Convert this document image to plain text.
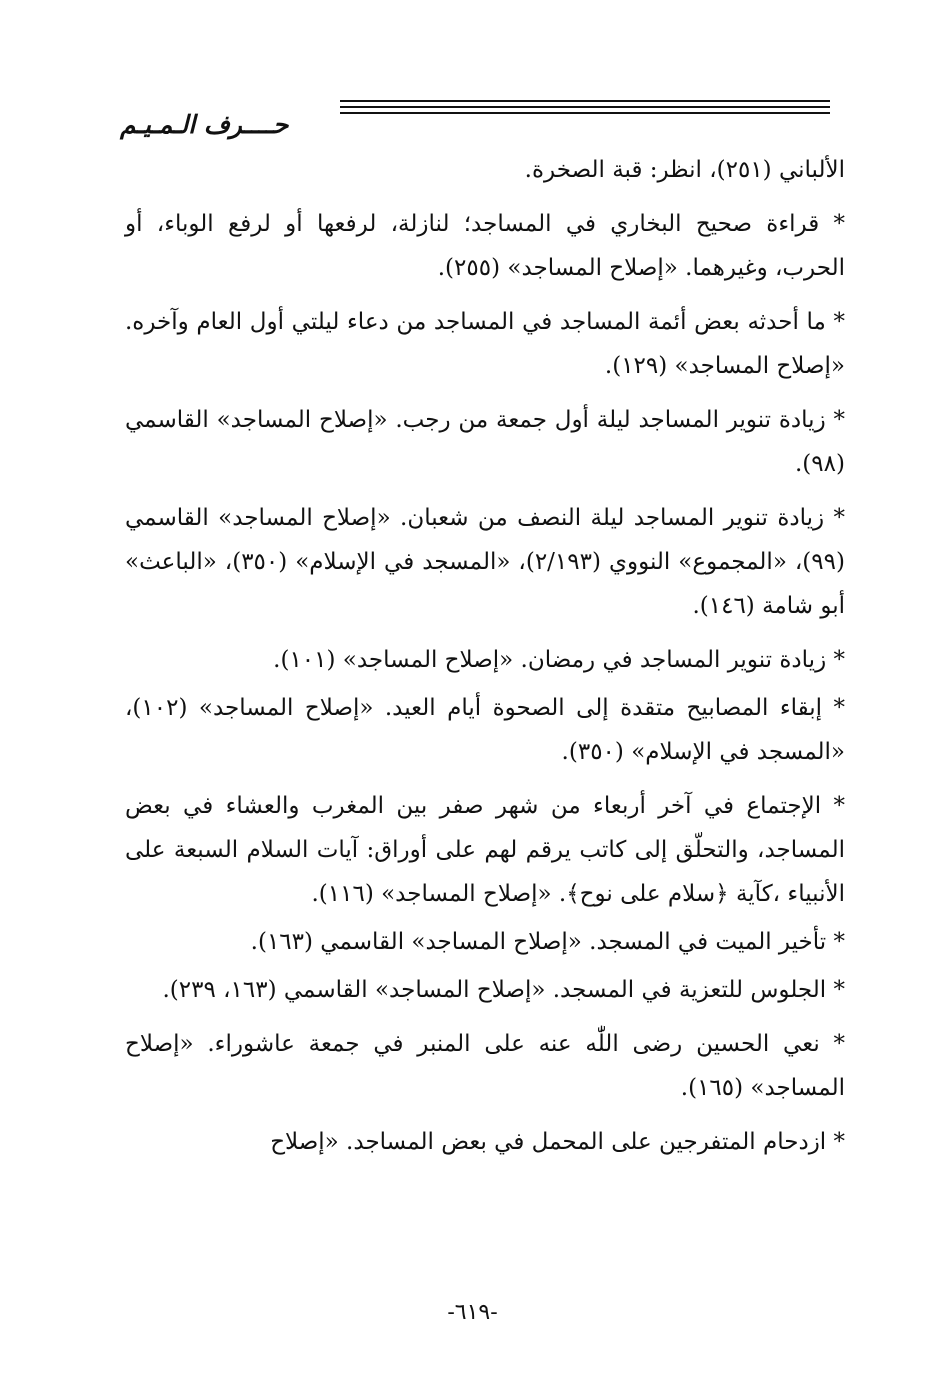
حــــرف الـمـيـم

الألباني (٢٥١)، انظر: قبة الصخرة.

* قراءة صحيح البخاري في المساجد؛ لنازلة، لرفعها أو لرفع الوباء، أو الحرب، وغيرهما. «إصلاح المساجد» (٢٥٥).

* ما أحدثه بعض أئمة المساجد في المساجد من دعاء ليلتي أول العام وآخره. «إصلاح المساجد» (١٢٩).

* زيادة تنوير المساجد ليلة أول جمعة من رجب. «إصلاح المساجد» القاسمي (٩٨).

* زيادة تنوير المساجد ليلة النصف من شعبان. «إصلاح المساجد» القاسمي (٩٩)، «المجموع» النووي (٢/١٩٣)، «المسجد في الإسلام» (٣٥٠)، «الباعث» أبو شامة (١٤٦).

* زيادة تنوير المساجد في رمضان. «إصلاح المساجد» (١٠١).

* إبقاء المصابيح متقدة إلى الصحوة أيام العيد. «إصلاح المساجد» (١٠٢)، «المسجد في الإسلام» (٣٥٠).

* الإجتماع في آخر أربعاء من شهر صفر بين المغرب والعشاء في بعض المساجد، والتحلّق إلى كاتب يرقم لهم على أوراق: آيات السلام السبعة على الأنبياء ،كآية ﴿سلام على نوح﴾. «إصلاح المساجد» (١١٦).

* تأخير الميت في المسجد. «إصلاح المساجد» القاسمي (١٦٣).

* الجلوس للتعزية في المسجد. «إصلاح المساجد» القاسمي (١٦٣، ٢٣٩).

* نعي الحسين رضى اللّٰه عنه على المنبر في جمعة عاشوراء. «إصلاح المساجد» (١٦٥).

* ازدحام المتفرجين على المحمل في بعض المساجد. «إصلاح

-٦١٩-
